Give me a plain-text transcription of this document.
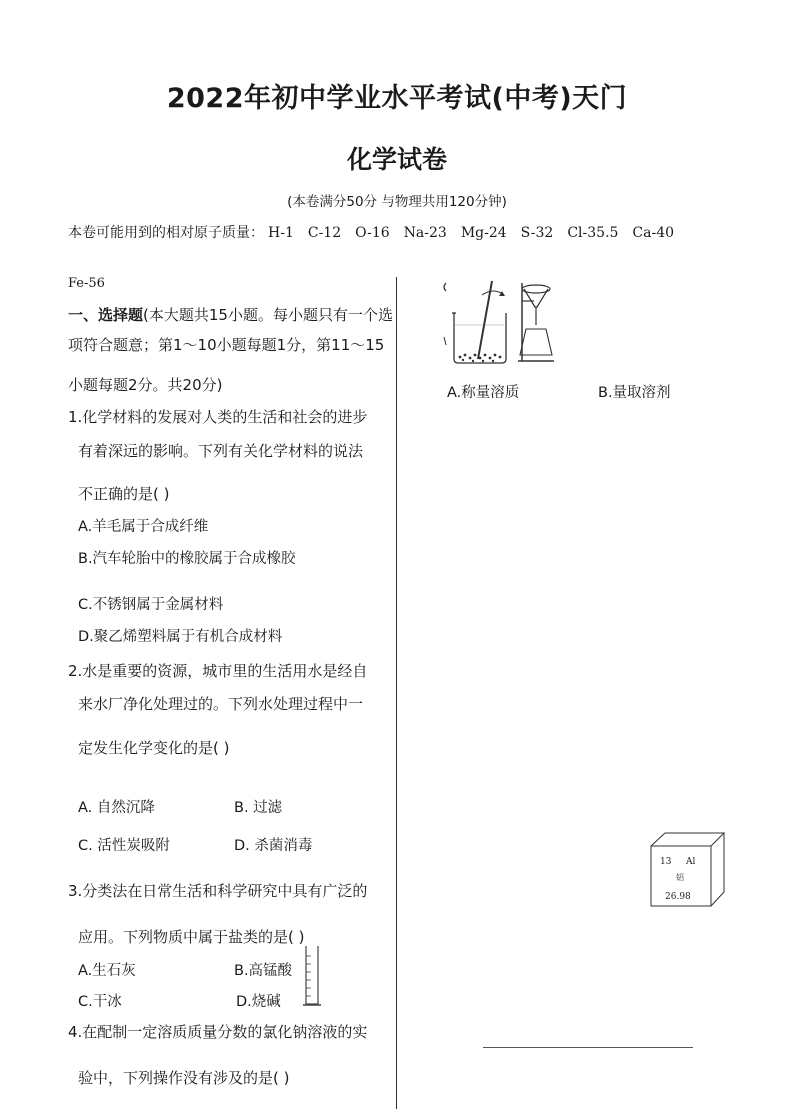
2022年初中学业水平考试(中考)天门
化学试卷
(本卷满分50分 与物理共用120分钟)
本卷可能用到的相对原子质量： H-1 C-12 O-16 Na-23 Mg-24 S-32 Cl-35.5 Ca-40
Fe-56
一、选择题(本大题共15小题。每小题只有一个选
项符合题意；第1～10小题每题1分，第11～15
小题每题2分。共20分)
1.化学材料的发展对人类的生活和社会的进步
有着深远的影响。下列有关化学材料的说法
不正确的是( )
A.羊毛属于合成纤维
B.汽车轮胎中的橡胶属于合成橡胶
C.不锈钢属于金属材料
D.聚乙烯塑料属于有机合成材料
2.水是重要的资源，城市里的生活用水是经自
来水厂净化处理过的。下列水处理过程中一
定发生化学变化的是( )
A. 自然沉降	B. 过滤
C. 活性炭吸附	D. 杀菌消毒
3.分类法在日常生活和科学研究中具有广泛的
应用。下列物质中属于盐类的是( )
A.生石灰	B.高锰酸
C.干冰	D.烧碱
4.在配制一定溶质质量分数的氯化钠溶液的实
验中，下列操作没有涉及的是( )
A.称量溶质	B.量取溶剂
13 Al
铝
26.98
